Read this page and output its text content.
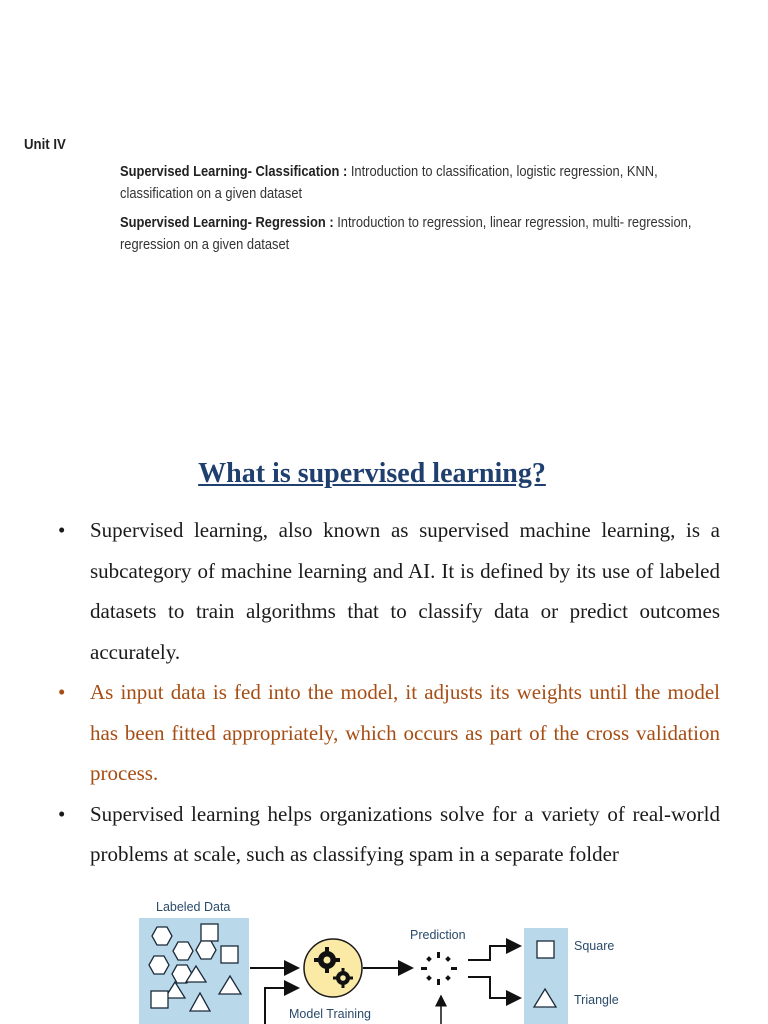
Unit IV
Supervised Learning- Classification : Introduction to classification, logistic regression, KNN, classification on a given dataset
Supervised Learning- Regression : Introduction to regression, linear regression, multi- regression, regression on a given dataset
What is supervised learning?
• Supervised learning, also known as supervised machine learning, is a subcategory of machine learning and AI. It is defined by its use of labeled datasets to train algorithms that to classify data or predict outcomes accurately.
• As input data is fed into the model, it adjusts its weights until the model has been fitted appropriately, which occurs as part of the cross validation process.
• Supervised learning helps organizations solve for a variety of real-world problems at scale, such as classifying spam in a separate folder
Labeled Data
Model Training
Prediction
Square
Triangle
